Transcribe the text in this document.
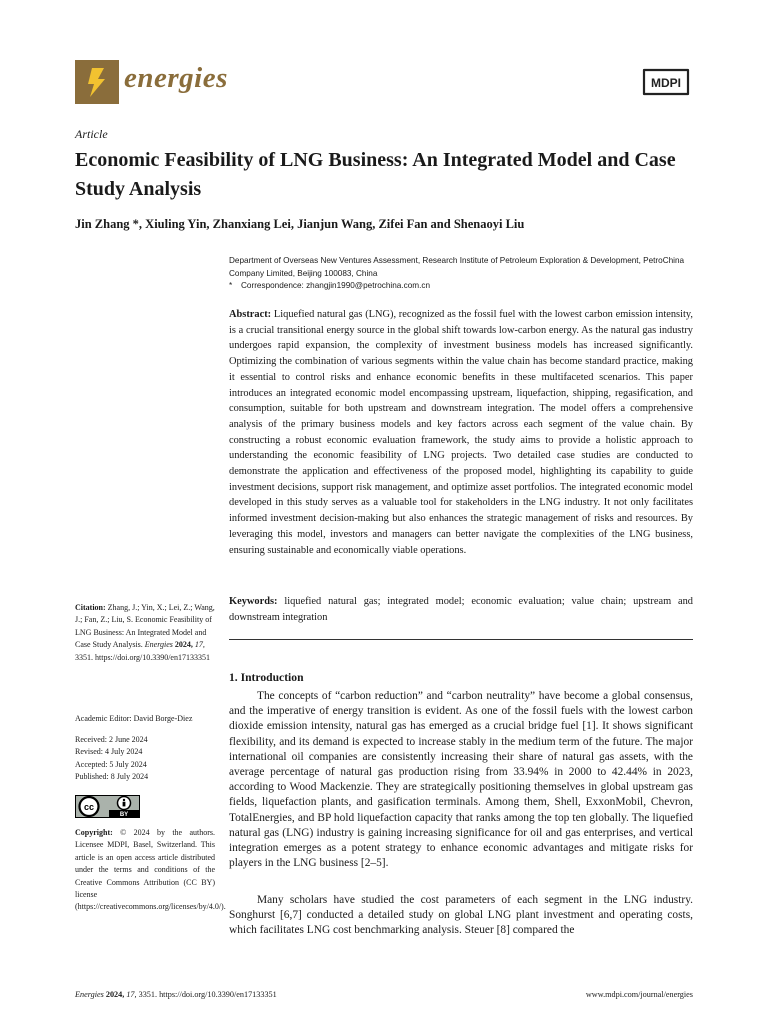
energies	MDPI
Article
Economic Feasibility of LNG Business: An Integrated Model and Case Study Analysis
Jin Zhang *, Xiuling Yin, Zhanxiang Lei, Jianjun Wang, Zifei Fan and Shenaoyi Liu
Department of Overseas New Ventures Assessment, Research Institute of Petroleum Exploration & Development, PetroChina Company Limited, Beijing 100083, China
* Correspondence: zhangjin1990@petrochina.com.cn
Abstract: Liquefied natural gas (LNG), recognized as the fossil fuel with the lowest carbon emission intensity, is a crucial transitional energy source in the global shift towards low-carbon energy. As the natural gas industry undergoes rapid expansion, the complexity of investment business models has increased significantly. Optimizing the combination of various segments within the value chain has become standard practice, making it essential to control risks and enhance economic benefits in these multifaceted scenarios. This paper introduces an integrated economic model encompassing upstream, liquefaction, shipping, regasification, and consumption, suitable for both upstream and downstream integration. The model offers a comprehensive analysis of the primary business models and key factors across each segment of the value chain. By constructing a robust economic evaluation framework, the study aims to provide a holistic approach to understanding the economic feasibility of LNG projects. Two detailed case studies are conducted to demonstrate the application and effectiveness of the proposed model, highlighting its capability to guide investment decisions, support risk management, and optimize asset portfolios. The integrated economic model developed in this study serves as a valuable tool for stakeholders in the LNG industry. It not only facilitates informed investment decision-making but also enhances the strategic management of risks and resources. By leveraging this model, investors and managers can better navigate the complexities of the LNG business, ensuring sustainable and economically viable operations.
Keywords: liquefied natural gas; integrated model; economic evaluation; value chain; upstream and downstream integration
Citation: Zhang, J.; Yin, X.; Lei, Z.; Wang, J.; Fan, Z.; Liu, S. Economic Feasibility of LNG Business: An Integrated Model and Case Study Analysis. Energies 2024, 17, 3351. https://doi.org/10.3390/en17133351
Academic Editor: David Borge-Diez
Received: 2 June 2024
Revised: 4 July 2024
Accepted: 5 July 2024
Published: 8 July 2024
cc
BY
Copyright: © 2024 by the authors. Licensee MDPI, Basel, Switzerland. This article is an open access article distributed under the terms and conditions of the Creative Commons Attribution (CC BY) license (https://creativecommons.org/licenses/by/4.0/).
1. Introduction
The concepts of “carbon reduction” and “carbon neutrality” have become a global consensus, and the imperative of energy transition is evident. As one of the fossil fuels with the lowest carbon dioxide emission intensity, natural gas has emerged as a crucial bridge fuel [1]. It shows significant flexibility, and its demand is expected to increase stably in the medium term of the future. The major international oil companies are consistently increasing their share of natural gas assets, with the average percentage of natural gas production rising from 33.94% in 2000 to 42.44% in 2023, according to Wood Mackenzie. They are strategically positioning themselves in global upstream gas fields, liquefaction plants, and gasification terminals. Among them, Shell, ExxonMobil, Chevron, TotalEnergies, and BP hold liquefaction capacity that ranks among the top ten globally. The liquefied natural gas (LNG) industry is gaining increasing significance for oil and gas enterprises, and vertical integration emerges as a potent strategy to enhance economic advantages and mitigate risks for players in the LNG business [2–5].
Many scholars have studied the cost parameters of each segment in the LNG industry. Songhurst [6,7] conducted a detailed study on global LNG plant investment and operating costs, which facilitates LNG cost benchmarking analysis. Steuer [8] compared the
Energies 2024, 17, 3351. https://doi.org/10.3390/en17133351	www.mdpi.com/journal/energies
